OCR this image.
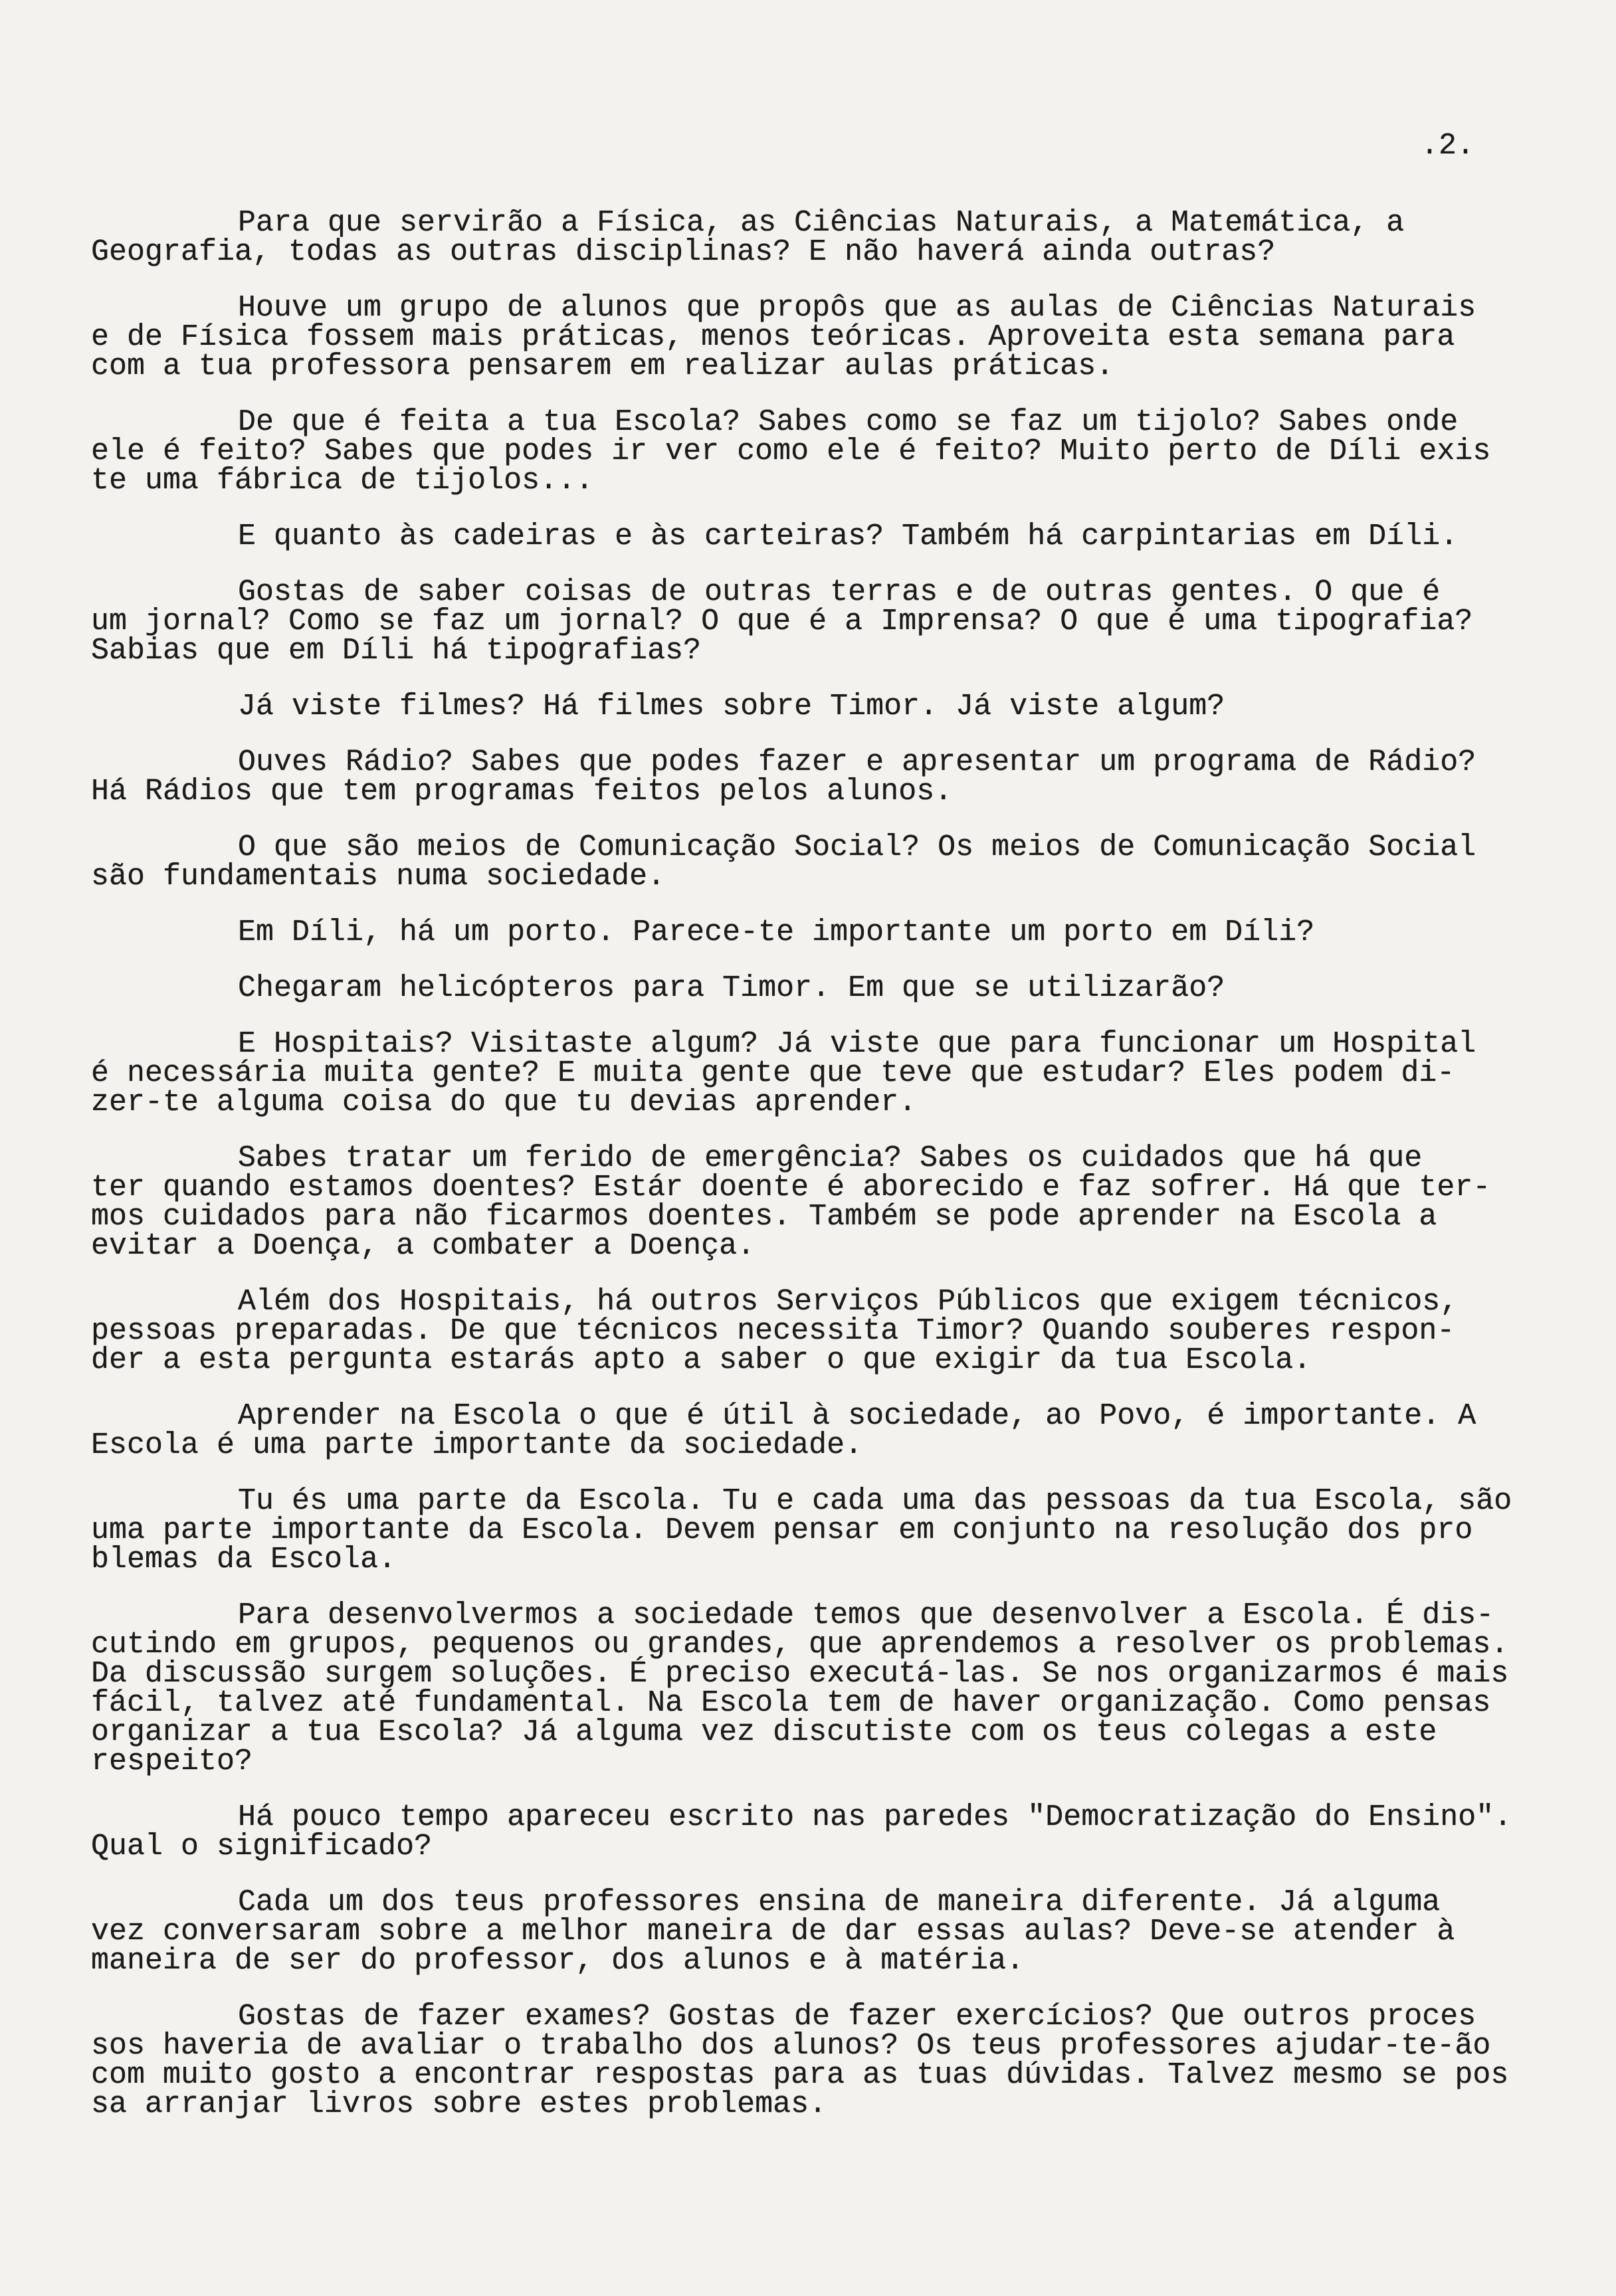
.2.
Para que servirão a Física, as Ciências Naturais, a Matemática, a
Geografia, todas as outras disciplinas? E não haverá ainda outras?
Houve um grupo de alunos que propôs que as aulas de Ciências Naturais
e de Física fossem mais práticas, menos teóricas. Aproveita esta semana para
com a tua professora pensarem em realizar aulas práticas.
De que é feita a tua Escola? Sabes como se faz um tijolo? Sabes onde
ele é feito? Sabes que podes ir ver como ele é feito? Muito perto de Díli exis
te uma fábrica de tijolos...
E quanto às cadeiras e às carteiras? Também há carpintarias em Díli.
Gostas de saber coisas de outras terras e de outras gentes. O que é
um jornal? Como se faz um jornal? O que é a Imprensa? O que é uma tipografia?
Sabias que em Díli há tipografias?
Já viste filmes? Há filmes sobre Timor. Já viste algum?
Ouves Rádio? Sabes que podes fazer e apresentar um programa de Rádio?
Há Rádios que tem programas feitos pelos alunos.
O que são meios de Comunicação Social? Os meios de Comunicação Social
são fundamentais numa sociedade.
Em Díli, há um porto. Parece-te importante um porto em Díli?
Chegaram helicópteros para Timor. Em que se utilizarão?
E Hospitais? Visitaste algum? Já viste que para funcionar um Hospital
é necessária muita gente? E muita gente que teve que estudar? Eles podem di-
zer-te alguma coisa do que tu devias aprender.
Sabes tratar um ferido de emergência? Sabes os cuidados que há que
ter quando estamos doentes? Estár doente é aborecido e faz sofrer. Há que ter-
mos cuidados para não ficarmos doentes. Também se pode aprender na Escola a
evitar a Doença, a combater a Doença.
Além dos Hospitais, há outros Serviços Públicos que exigem técnicos,
pessoas preparadas. De que técnicos necessita Timor? Quando souberes respon-
der a esta pergunta estarás apto a saber o que exigir da tua Escola.
Aprender na Escola o que é útil à sociedade, ao Povo, é importante. A
Escola é uma parte importante da sociedade.
Tu és uma parte da Escola. Tu e cada uma das pessoas da tua Escola, são
uma parte importante da Escola. Devem pensar em conjunto na resolução dos pro
blemas da Escola.
Para desenvolvermos a sociedade temos que desenvolver a Escola. É dis-
cutindo em grupos, pequenos ou grandes, que aprendemos a resolver os problemas.
Da discussão surgem soluções. É preciso executá-las. Se nos organizarmos é mais
fácil, talvez até fundamental. Na Escola tem de haver organização. Como pensas
organizar a tua Escola? Já alguma vez discutiste com os teus colegas a este
respeito?
Há pouco tempo apareceu escrito nas paredes "Democratização do Ensino".
Qual o significado?
Cada um dos teus professores ensina de maneira diferente. Já alguma
vez conversaram sobre a melhor maneira de dar essas aulas? Deve-se atender à
maneira de ser do professor, dos alunos e à matéria.
Gostas de fazer exames? Gostas de fazer exercícios? Que outros proces
sos haveria de avaliar o trabalho dos alunos? Os teus professores ajudar-te-ão
com muito gosto a encontrar respostas para as tuas dúvidas. Talvez mesmo se pos
sa arranjar livros sobre estes problemas.
